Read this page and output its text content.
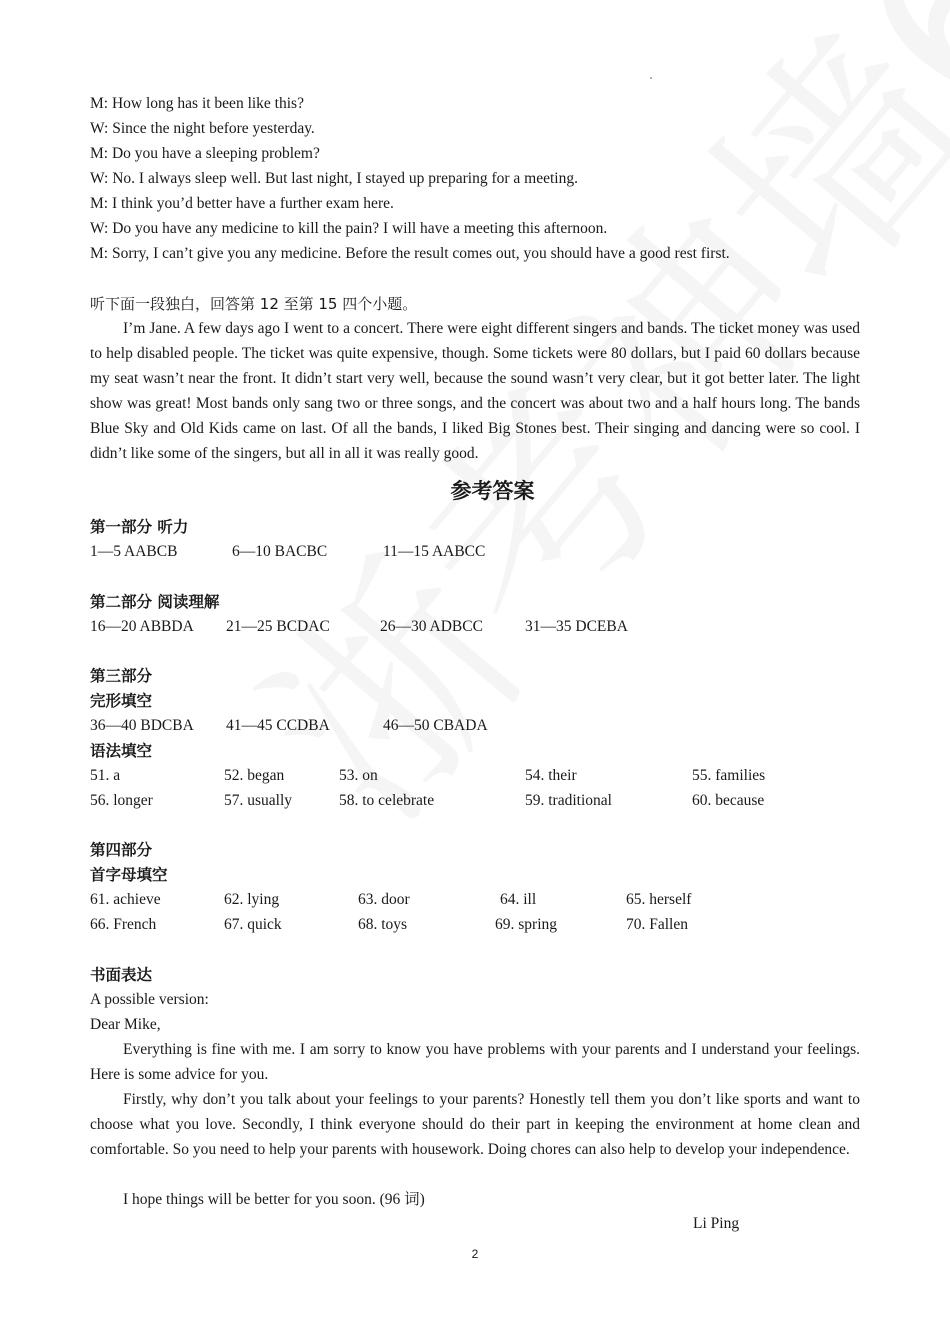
M: How long has it been like this?
W: Since the night before yesterday.
M: Do you have a sleeping problem?
W: No. I always sleep well. But last night, I stayed up preparing for a meeting.
M: I think you’d better have a further exam here.
W: Do you have any medicine to kill the pain? I will have a meeting this afternoon.
M: Sorry, I can’t give you any medicine. Before the result comes out, you should have a good rest first.
听下面一段独白，回答第 12 至第 15 四个小题。
I’m Jane. A few days ago I went to a concert. There were eight different singers and bands. The ticket money was used to help disabled people. The ticket was quite expensive, though. Some tickets were 80 dollars, but I paid 60 dollars because my seat wasn’t near the front. It didn’t start very well, because the sound wasn’t very clear, but it got better later. The light show was great! Most bands only sang two or three songs, and the concert was about two and a half hours long. The bands Blue Sky and Old Kids came on last. Of all the bands, I liked Big Stones best. Their singing and dancing were so cool. I didn’t like some of the singers, but all in all it was really good.
参考答案
第一部分 听力
1—5 AABCB	6—10 BACBC	11—15 AABCC
第二部分 阅读理解
16—20 ABBDA 21—25 BCDAC	26—30 ADBCC	31—35 DCEBA
第三部分
完形填空
36—40 BDCBA 41—45 CCDBA	46—50 CBADA
语法填空
51. a	52. began	53. on	54. their	55. families
56. longer	57. usually	58. to celebrate	59. traditional	60. because
第四部分
首字母填空
61. achieve	62. lying	63. door	64. ill	65. herself
66. French	67. quick	68. toys	69. spring	70. Fallen
书面表达
A possible version:
Dear Mike,
Everything is fine with me. I am sorry to know you have problems with your parents and I understand your feelings. Here is some advice for you.
Firstly, why don’t you talk about your feelings to your parents? Honestly tell them you don’t like sports and want to choose what you love. Secondly, I think everyone should do their part in keeping the environment at home clean and comfortable. So you need to help your parents with housework. Doing chores can also help to develop your independence.
I hope things will be better for you soon. (96 词)
Li Ping
2
